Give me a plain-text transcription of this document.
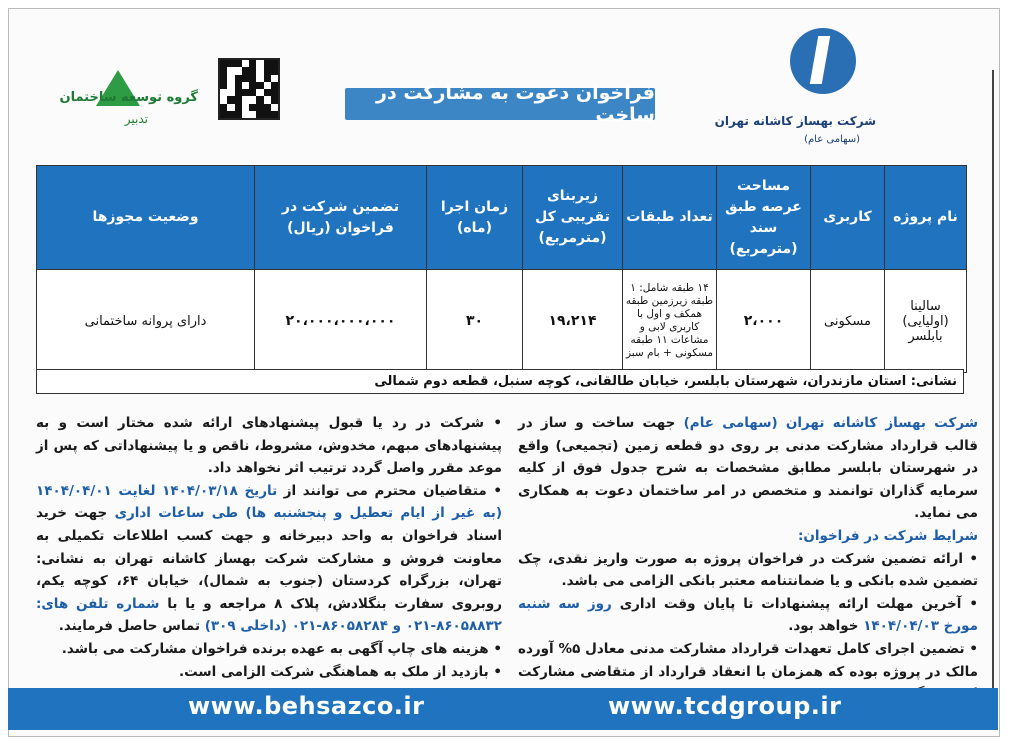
گروه توسعه ساختمان
تدبیر
فراخوان دعوت به مشارکت در ساخت	شرکت بهساز کاشانه تهران
(سهامی عام)
نام پروژه	کاربری	مساحت عرصه طبق سند (مترمربع)	تعداد طبقات	زیربنای تقریبی کل (مترمربع)	زمان اجرا (ماه)	تضمین شرکت در فراخوان (ریال)	وضعیت مجوزها
سالینا (اولیایی) بابلسر	مسکونی	۲،۰۰۰	۱۴ طبقه شامل: ۱ طبقه زیرزمین طبقه همکف و اول با کاربری لابی و مشاعات ۱۱ طبقه مسکونی + بام سبز	۱۹،۲۱۴	۳۰	۲۰،۰۰۰،۰۰۰،۰۰۰	دارای پروانه ساختمانی
نشانی:

استان مازندران، شهرستان بابلسر، خیابان طالقانی، کوچه سنبل، قطعه دوم شمالی

شرکت بهساز کاشانه تهران (سهامی عام) جهت ساخت و ساز در قالب قرارداد مشارکت مدنی بر روی دو قطعه زمین (تجمیعی) واقع در شهرستان بابلسر مطابق مشخصات به شرح جدول فوق از کلیه سرمایه گذاران توانمند و متخصص در امر ساختمان دعوت به همکاری می نماید.

شرایط شرکت در فراخوان:

• ارائه تضمین شرکت در فراخوان پروژه به صورت واریز نقدی، چک تضمین شده بانکی و یا ضمانتنامه معتبر بانکی الزامی می باشد.

• آخرین مهلت ارائه پیشنهادات تا پایان وقت اداری روز سه شنبه مورخ ۱۴۰۴/۰۴/۰۳ خواهد بود.

• تضمین اجرای کامل تعهدات قرارداد مشارکت مدنی معادل ۵% آورده مالک در پروژه بوده که همزمان با انعقاد قرارداد از متقاضی مشارکت

• شرکت در رد یا قبول پیشنهادهای ارائه شده مختار است و به پیشنهادهای مبهم، مخدوش، مشروط، ناقص و یا پیشنهاداتی که پس از موعد مقرر واصل گردد ترتیب اثر نخواهد داد.

• متقاضیان محترم می توانند از تاریخ ۱۴۰۴/۰۳/۱۸ لغایت ۱۴۰۴/۰۴/۰۱ (به غیر از ایام تعطیل و پنجشنبه ها) طی ساعات اداری جهت خرید اسناد فراخوان به واحد دبیرخانه و جهت کسب اطلاعات تکمیلی به معاونت فروش و مشارکت شرکت بهساز کاشانه تهران به نشانی: تهران، بزرگراه کردستان (جنوب به شمال)، خیابان ۶۴، کوچه یکم، روبروی سفارت بنگلادش، پلاک ۸ مراجعه و یا با شماره تلفن های: ۸۶۰۵۸۸۳۲-۰۲۱ و ۸۶۰۵۸۲۸۴-۰۲۱ (داخلی ۳۰۹) تماس حاصل فرمایند.

• هزینه های چاپ آگهی به عهده برنده فراخوان مشارکت می باشد.

• بازدید از ملک به هماهنگی شرکت الزامی است.

www.behsazco.ir	www.tcdgroup.ir
